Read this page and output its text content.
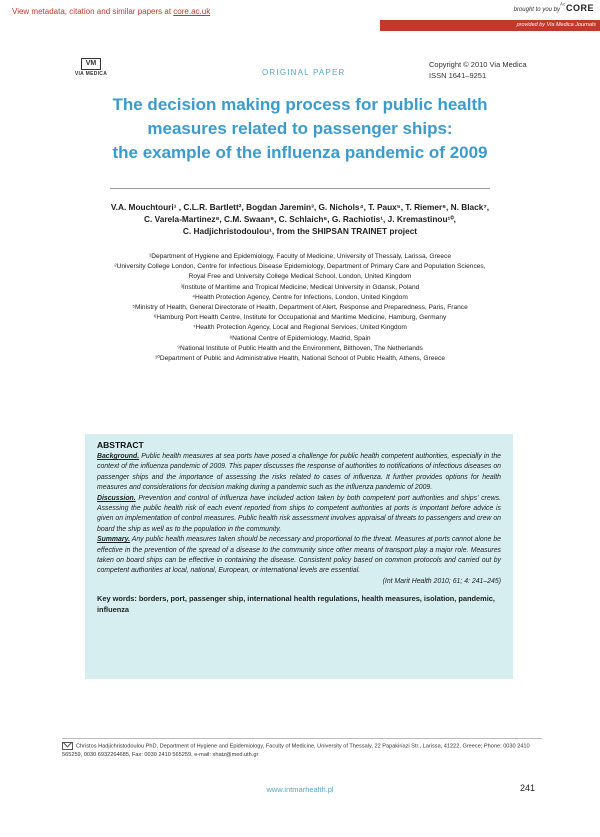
View metadata, citation and similar papers at core.ac.uk	brought to you by
$^{ᴬᶜ}$CORE
provided by Via Medica Journals
VM
VIA MEDICA	ORIGINAL PAPER
Copyright © 2010 Via Medica
ISSN 1641–9251
The decision making process for public health
measures related to passenger ships:
the example of the influenza pandemic of 2009
V.A. Mouchtouri¹ , C.L.R. Bartlett², Bogdan Jaremin³, G. Nichols⁴, T. Paux⁵, T. Riemer⁶, N. Black⁷,
C. Varela-Martinez⁸, C.M. Swaan⁹, C. Schlaich⁶, G. Rachiotis¹, J. Kremastinou¹⁰,
C. Hadjichristodoulou¹, from the SHIPSAN TRAINET project
¹Department of Hygiene and Epidemiology, Faculty of Medicine, University of Thessaly, Larissa, Greece
²University College London, Centre for Infectious Disease Epidemiology, Department of Primary Care and Population Sciences,
Royal Free and University College Medical School, London, United Kingdom
³Institute of Maritime and Tropical Medicine, Medical University in Gdansk, Poland
⁴Health Protection Agency, Centre for Infections, London, United Kingdom
⁵Ministry of Health, General Directorate of Health, Department of Alert, Response and Preparedness, Paris, France
⁶Hamburg Port Health Centre, Institute for Occupational and Maritime Medicine, Hamburg, Germany
⁷Health Protection Agency, Local and Regional Services, United Kingdom
⁸National Centre of Epidemiology, Madrid, Spain
⁹National Institute of Public Health and the Environment, Bilthoven, The Netherlands
¹⁰Department of Public and Administrative Health, National School of Public Health, Athens, Greece
ABSTRACT

Background. Public health measures at sea ports have posed a challenge for public health competent authorities, especially in the context of the influenza pandemic of 2009. This paper discusses the response of authorities to notifications of infectious diseases on passenger ships and the importance of assessing the risks related to cases of influenza. It further provides options for health measures and considerations for decision making during a pandemic such as the influenza pandemic of 2009.

Discussion. Prevention and control of influenza have included action taken by both competent port authorities and ships' crews. Assessing the public health risk of each event reported from ships to competent authorities at ports is important before advice is given on implementation of control measures. Public health risk assessment involves appraisal of threats to passengers and crew on board the ship as well as to the population in the community.

Summary. Any public health measures taken should be necessary and proportional to the threat. Measures at ports cannot alone be effective in the prevention of the spread of a disease to the community since other means of transport play a major role. Measures taken on board ships can be effective in containing the disease. Consistent policy based on common protocols and carried out by competent authorities at local, national, European, or international levels are essential.

(Int Marit Health 2010; 61; 4: 241–245)
Key words: borders, port, passenger ship, international health regulations, health measures, isolation, pandemic, influenza
Christos Hadjichristodoulou PhD, Department of Hygiene and Epidemiology, Faculty of Medicine, University of Thessaly, 22 Papakiriazi Str., Larissa, 41222, Greece; Phone: 0030 2410 565259, 0030 6932264685, Fax: 0030 2410 565259, e-mail: xhatz@med.uth.gr
www.intmarhealth.pl	241
